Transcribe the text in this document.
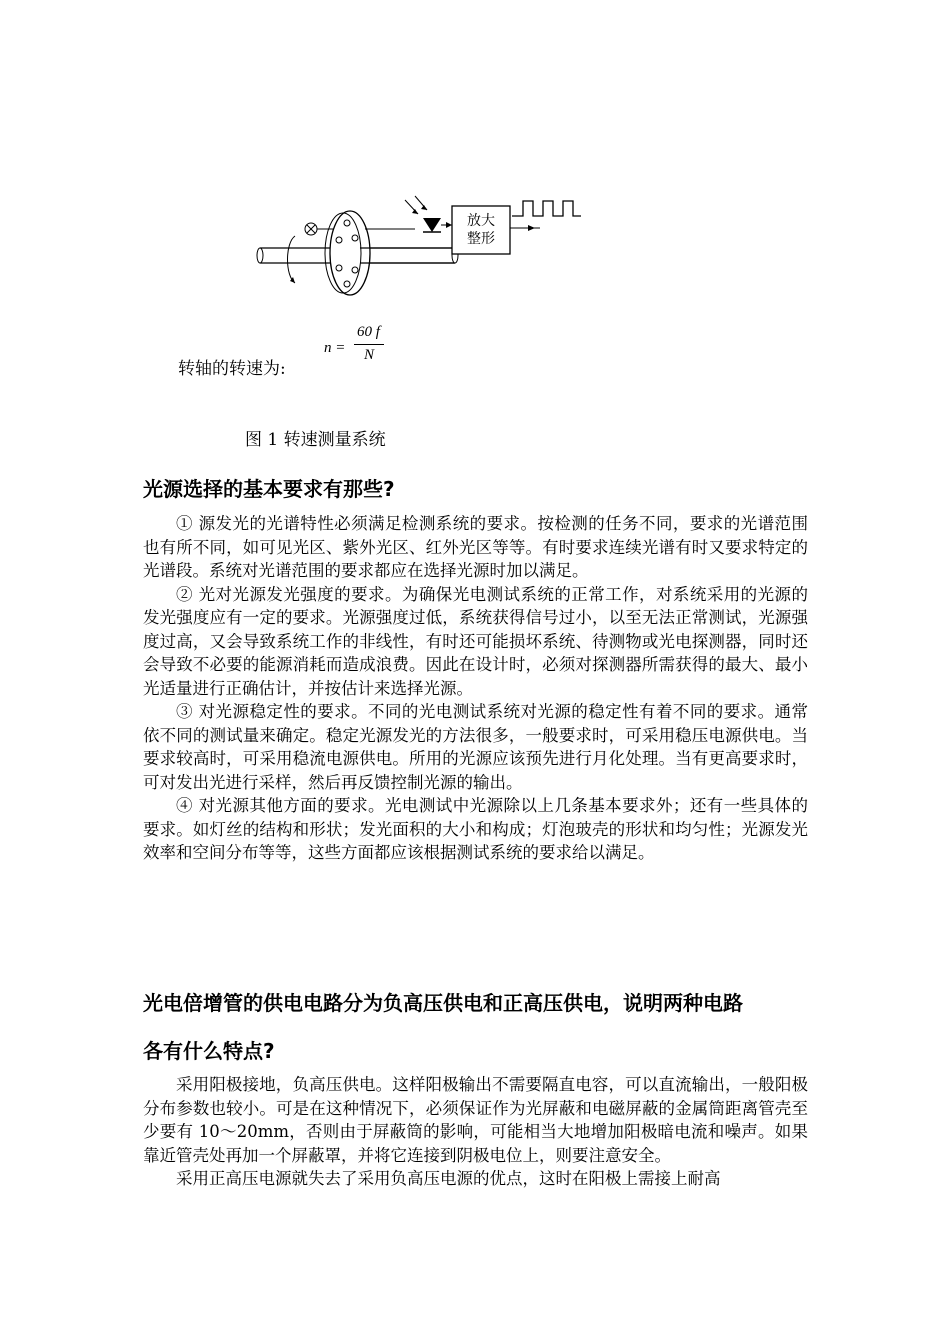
放大
整形
转轴的转速为:
n =
60 f
N
图 1 转速测量系统
光源选择的基本要求有那些?

① 源发光的光谱特性必须满足检测系统的要求。按检测的任务不同，要求的光谱范围也有所不同，如可见光区、紫外光区、红外光区等等。有时要求连续光谱有时又要求特定的光谱段。系统对光谱范围的要求都应在选择光源时加以满足。

② 光对光源发光强度的要求。为确保光电测试系统的正常工作，对系统采用的光源的发光强度应有一定的要求。光源强度过低，系统获得信号过小，以至无法正常测试，光源强度过高，又会导致系统工作的非线性，有时还可能损坏系统、待测物或光电探测器，同时还会导致不必要的能源消耗而造成浪费。因此在设计时，必须对探测器所需获得的最大、最小光适量进行正确估计，并按估计来选择光源。

③ 对光源稳定性的要求。不同的光电测试系统对光源的稳定性有着不同的要求。通常依不同的测试量来确定。稳定光源发光的方法很多，一般要求时，可采用稳压电源供电。当要求较高时，可采用稳流电源供电。所用的光源应该预先进行月化处理。当有更高要求时，可对发出光进行采样，然后再反馈控制光源的输出。

④ 对光源其他方面的要求。光电测试中光源除以上几条基本要求外；还有一些具体的要求。如灯丝的结构和形状；发光面积的大小和构成；灯泡玻壳的形状和均匀性；光源发光效率和空间分布等等，这些方面都应该根据测试系统的要求给以满足。

光电倍增管的供电电路分为负高压供电和正高压供电，说明两种电路
各有什么特点?

采用阳极接地，负高压供电。这样阳极输出不需要隔直电容，可以直流输出，一般阳极分布参数也较小。可是在这种情况下，必须保证作为光屏蔽和电磁屏蔽的金属筒距离管壳至少要有 10～20mm，否则由于屏蔽筒的影响，可能相当大地增加阳极暗电流和噪声。如果靠近管壳处再加一个屏蔽罩，并将它连接到阴极电位上，则要注意安全。

采用正高压电源就失去了采用负高压电源的优点，这时在阳极上需接上耐高
